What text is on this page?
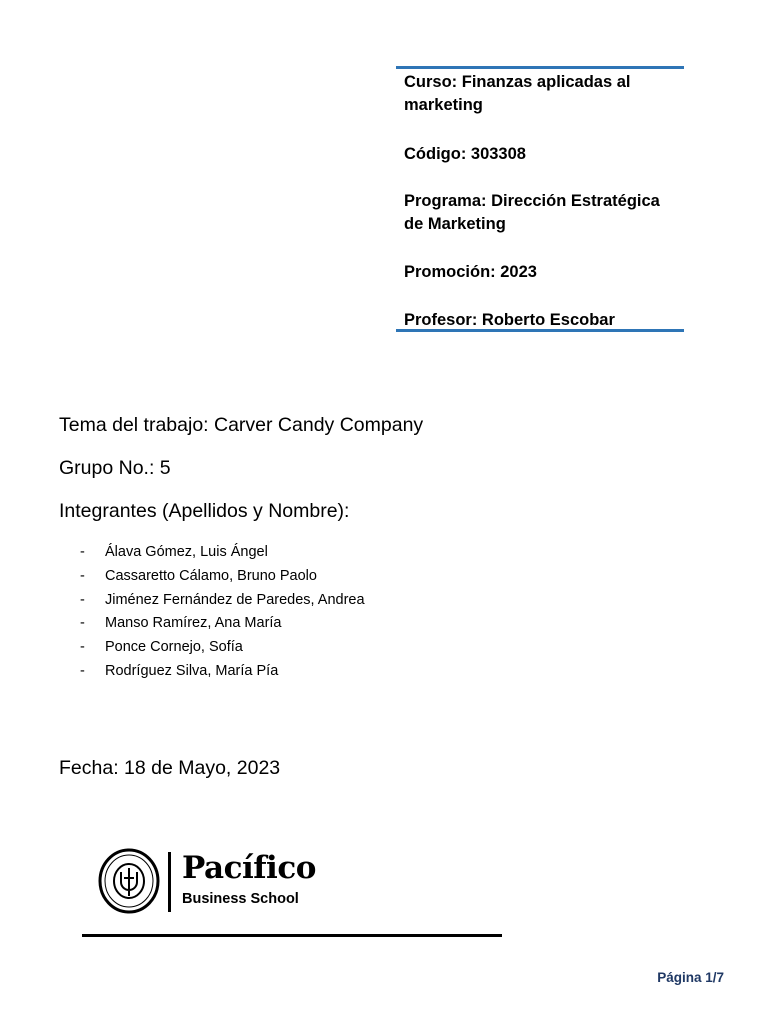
Curso: Finanzas aplicadas al marketing
Código: 303308
Programa: Dirección Estratégica de Marketing
Promoción: 2023
Profesor: Roberto Escobar
Tema del trabajo: Carver Candy Company
Grupo No.: 5
Integrantes (Apellidos y Nombre):
- Álava Gómez, Luis Ángel
- Cassaretto Cálamo, Bruno Paolo
- Jiménez Fernández de Paredes, Andrea
- Manso Ramírez, Ana María
- Ponce Cornejo, Sofía
- Rodríguez Silva, María Pía
Fecha: 18 de Mayo, 2023
Pacífico
Business School
Página 1/7
